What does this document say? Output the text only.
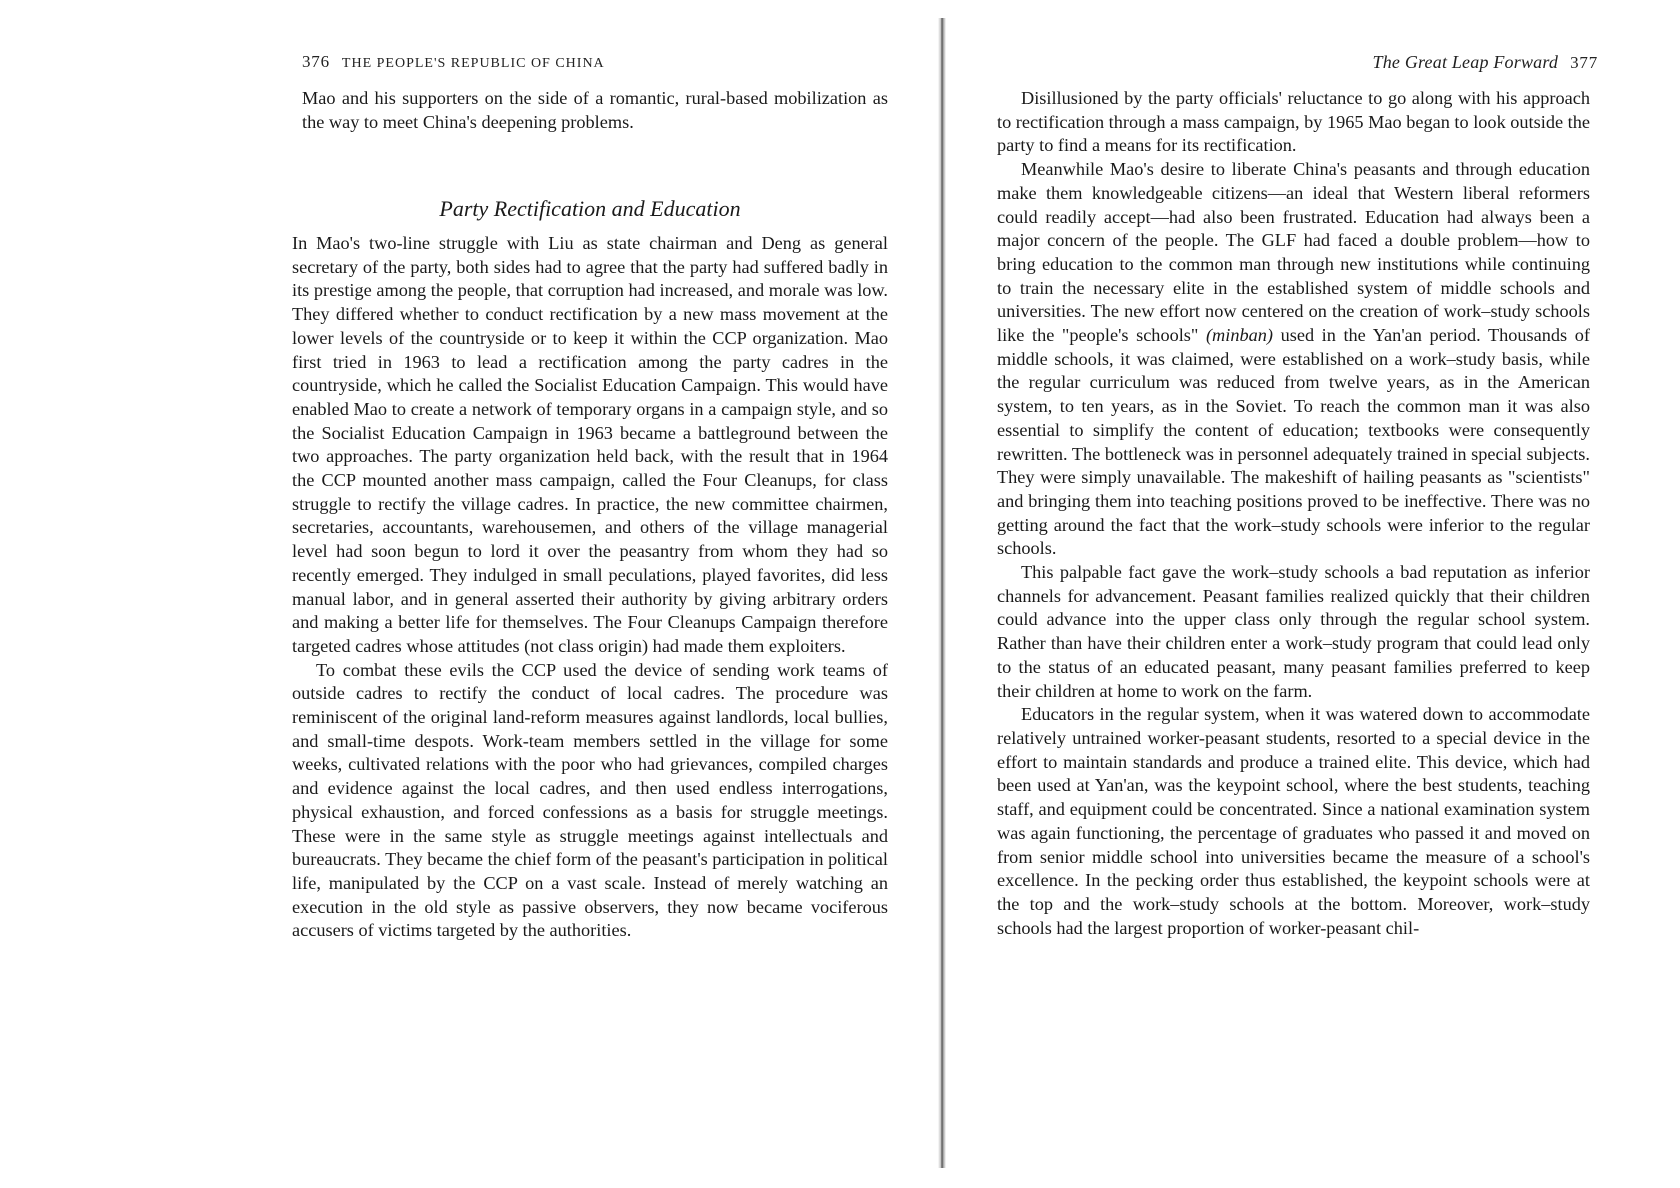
376 THE PEOPLE'S REPUBLIC OF CHINA

Mao and his supporters on the side of a romantic, rural-based mobilization as the way to meet China's deepening problems.

Party Rectification and Education

In Mao's two-line struggle with Liu as state chairman and Deng as general secretary of the party, both sides had to agree that the party had suffered badly in its prestige among the people, that corruption had increased, and morale was low. They differed whether to conduct rectification by a new mass movement at the lower levels of the countryside or to keep it within the CCP organization. Mao first tried in 1963 to lead a rectification among the party cadres in the countryside, which he called the Socialist Education Campaign. This would have enabled Mao to create a network of temporary organs in a campaign style, and so the Socialist Education Campaign in 1963 became a battleground between the two approaches. The party organization held back, with the result that in 1964 the CCP mounted another mass campaign, called the Four Cleanups, for class struggle to rectify the village cadres. In practice, the new committee chairmen, secretaries, accountants, warehousemen, and others of the village managerial level had soon begun to lord it over the peasantry from whom they had so recently emerged. They indulged in small peculations, played favorites, did less manual labor, and in general asserted their authority by giving arbitrary orders and making a better life for themselves. The Four Cleanups Campaign therefore targeted cadres whose attitudes (not class origin) had made them exploiters.

To combat these evils the CCP used the device of sending work teams of outside cadres to rectify the conduct of local cadres. The procedure was reminiscent of the original land-reform measures against landlords, local bullies, and small-time despots. Work-team members settled in the village for some weeks, cultivated relations with the poor who had grievances, compiled charges and evidence against the local cadres, and then used endless interrogations, physical exhaustion, and forced confessions as a basis for struggle meetings. These were in the same style as struggle meetings against intellectuals and bureaucrats. They became the chief form of the peasant's participation in political life, manipulated by the CCP on a vast scale. Instead of merely watching an execution in the old style as passive observers, they now became vociferous accusers of victims targeted by the authorities.

The Great Leap Forward 377

Disillusioned by the party officials' reluctance to go along with his approach to rectification through a mass campaign, by 1965 Mao began to look outside the party to find a means for its rectification.

Meanwhile Mao's desire to liberate China's peasants and through education make them knowledgeable citizens—an ideal that Western liberal reformers could readily accept—had also been frustrated. Education had always been a major concern of the people. The GLF had faced a double problem—how to bring education to the common man through new institutions while continuing to train the necessary elite in the established system of middle schools and universities. The new effort now centered on the creation of work–study schools like the "people's schools" (minban) used in the Yan'an period. Thousands of middle schools, it was claimed, were established on a work–study basis, while the regular curriculum was reduced from twelve years, as in the American system, to ten years, as in the Soviet. To reach the common man it was also essential to simplify the content of education; textbooks were consequently rewritten. The bottleneck was in personnel adequately trained in special subjects. They were simply unavailable. The makeshift of hailing peasants as "scientists" and bringing them into teaching positions proved to be ineffective. There was no getting around the fact that the work–study schools were inferior to the regular schools.

This palpable fact gave the work–study schools a bad reputation as inferior channels for advancement. Peasant families realized quickly that their children could advance into the upper class only through the regular school system. Rather than have their children enter a work–study program that could lead only to the status of an educated peasant, many peasant families preferred to keep their children at home to work on the farm.

Educators in the regular system, when it was watered down to accommodate relatively untrained worker-peasant students, resorted to a special device in the effort to maintain standards and produce a trained elite. This device, which had been used at Yan'an, was the keypoint school, where the best students, teaching staff, and equipment could be concentrated. Since a national examination system was again functioning, the percentage of graduates who passed it and moved on from senior middle school into universities became the measure of a school's excellence. In the pecking order thus established, the keypoint schools were at the top and the work–study schools at the bottom. Moreover, work–study schools had the largest proportion of worker-peasant chil-
